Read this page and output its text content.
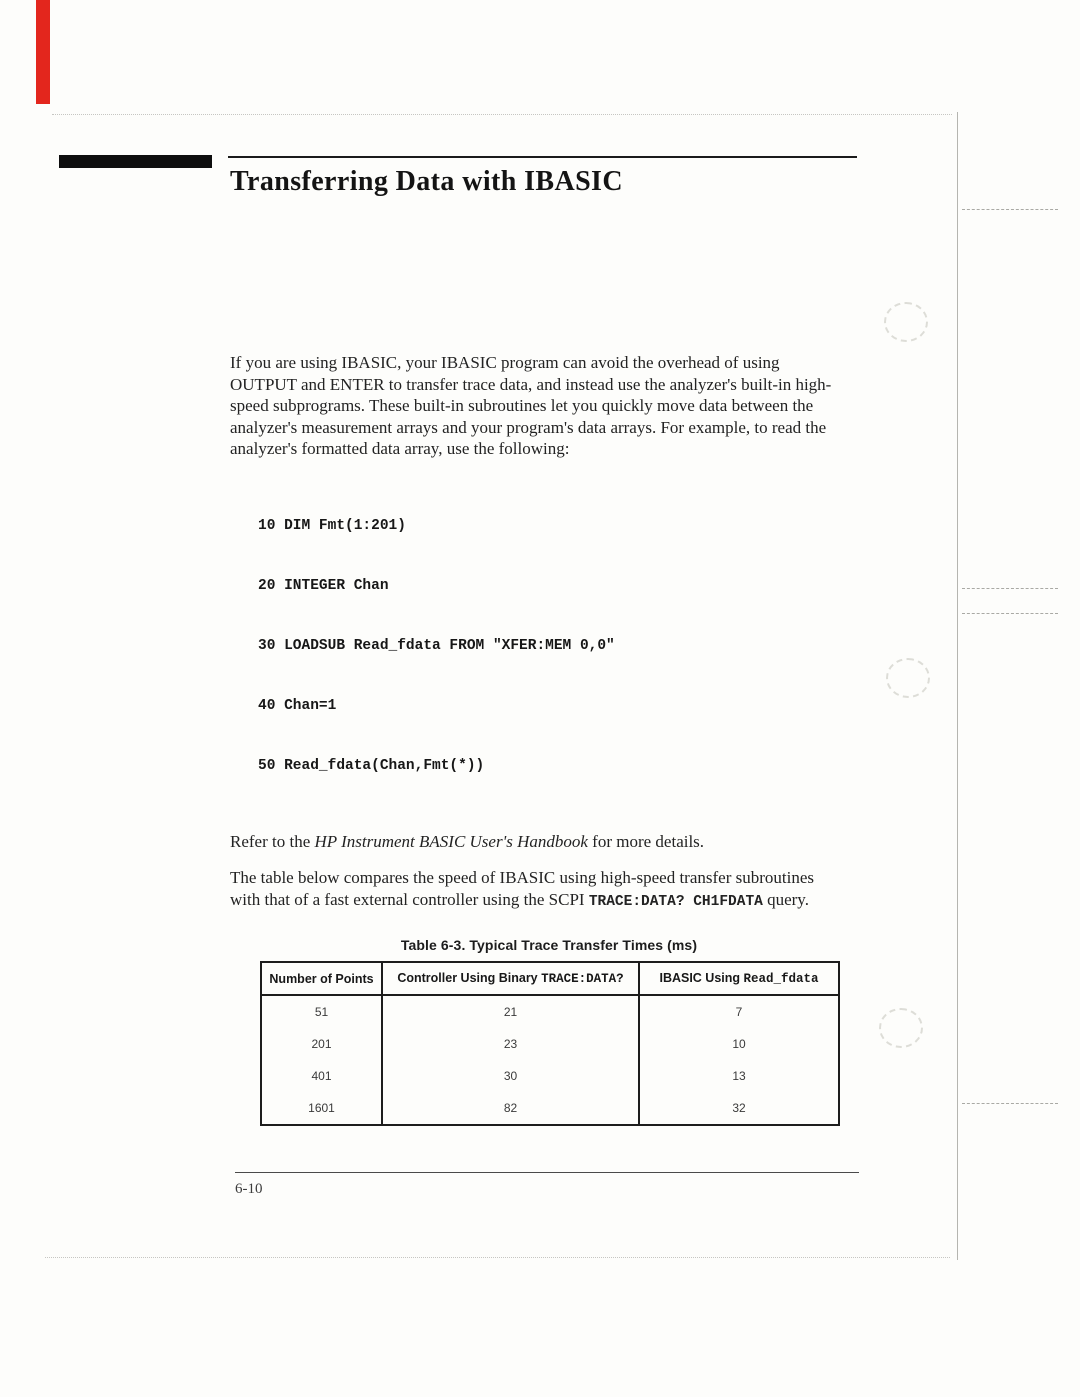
Transferring Data with IBASIC

If you are using IBASIC, your IBASIC program can avoid the overhead of using OUTPUT and ENTER to transfer trace data, and instead use the analyzer's built-in high-speed subprograms. These built-in subroutines let you quickly move data between the analyzer's measurement arrays and your program's data arrays. For example, to read the analyzer's formatted data array, use the following:

10 DIM Fmt(1:201)

20 INTEGER Chan

30 LOADSUB Read_fdata FROM "XFER:MEM 0,0"

40 Chan=1

50 Read_fdata(Chan,Fmt(*))

Refer to the HP Instrument BASIC User's Handbook for more details.

The table below compares the speed of IBASIC using high-speed transfer subroutines with that of a fast external controller using the SCPI TRACE:DATA? CH1FDATA query.

Table 6-3. Typical Trace Transfer Times (ms)
Number of Points	Controller Using Binary TRACE:DATA?	IBASIC Using Read_fdata
51	21	7
201	23	10
401	30	13
1601	82	32
6-10
